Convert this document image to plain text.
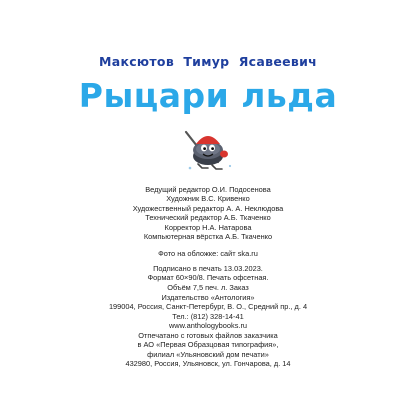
Максютов  Тимур  Ясавеевич
Рыцари льда
Ведущий редактор О.И. Подосенова
Художник В.С. Кривенко
Художественный редактор А. А. Неклюдова
Технический редактор А.Б. Ткаченко
Корректор Н.А. Натарова
Компьютерная вёрстка А.Б. Ткаченко
Фото на обложке: сайт ska.ru
Подписано в печать 13.03.2023.
Формат 60×90/8. Печать офсетная.
Объём 7,5 печ. л. Заказ
Издательство «Антология»
199004, Россия, Санкт-Петербург, В. О., Средний пр., д. 4
Тел.: (812) 328-14-41
www.anthologybooks.ru
Отпечатано с готовых файлов заказчика
в АО «Первая Образцовая типография»,
филиал «Ульяновский дом печати»
432980, Россия, Ульяновск, ул. Гончарова, д. 14
